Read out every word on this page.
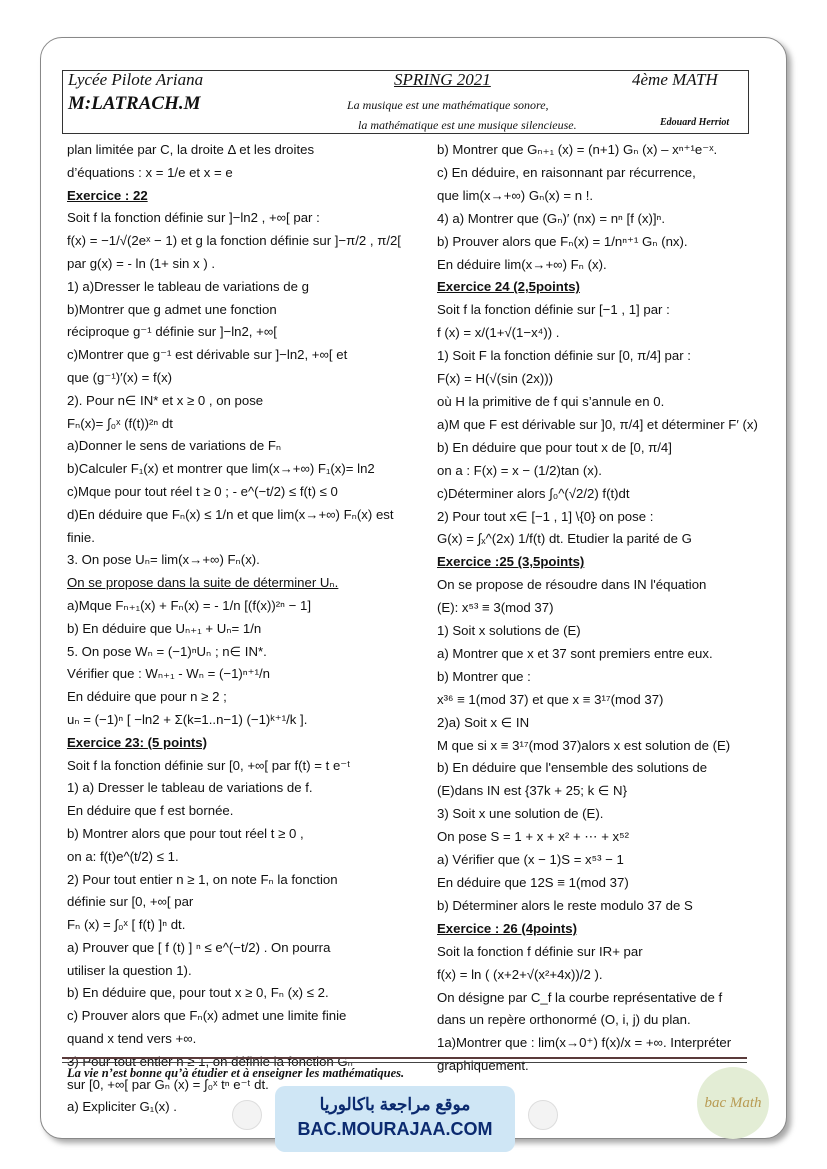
Lycée Pilote Ariana	SPRING 2021	4ème MATH
M:LATRACH.M	La musique est une mathématique sonore,
la mathématique est une musique silencieuse.	Edouard Herriot

plan limitée par C, la droite Δ et les droites

d’équations : x = 1/e et x = e

Exercice : 22

Soit f la fonction définie sur ]−ln2 , +∞[ par :

f(x) = −1/√(2eˣ − 1) et g la fonction définie sur ]−π/2 , π/2[

par g(x) = - ln (1+ sin x ) .

1) a)Dresser le tableau de variations de g

b)Montrer que g admet une fonction

réciproque g⁻¹ définie sur ]−ln2, +∞[

c)Montrer que g⁻¹ est dérivable sur ]−ln2, +∞[ et

que (g⁻¹)′(x) = f(x)

2). Pour n∈ IN* et x ≥ 0 , on pose

Fₙ(x)= ∫₀ˣ (f(t))²ⁿ dt

a)Donner le sens de variations de Fₙ

b)Calculer F₁(x) et montrer que lim(x→+∞) F₁(x)= ln2

c)Mque pour tout réel t ≥ 0 ; - e^(−t/2) ≤ f(t) ≤ 0

d)En déduire que Fₙ(x) ≤ 1/n et que lim(x→+∞) Fₙ(x) est

finie.

3. On pose Uₙ= lim(x→+∞) Fₙ(x).

On se propose dans la suite de déterminer Uₙ.

a)Mque Fₙ₊₁(x) + Fₙ(x) = - 1/n [(f(x))²ⁿ − 1]

b) En déduire que Uₙ₊₁ + Uₙ= 1/n

5. On pose Wₙ = (−1)ⁿUₙ ; n∈ IN*.

Vérifier que : Wₙ₊₁ - Wₙ = (−1)ⁿ⁺¹/n

En déduire que pour n ≥ 2 ;

uₙ = (−1)ⁿ [ −ln2 + Σ(k=1..n−1) (−1)ᵏ⁺¹/k ].

Exercice 23: (5 points)

Soit f la fonction définie sur [0, +∞[ par f(t) = t e⁻ᵗ

1) a) Dresser le tableau de variations de f.

En déduire que f est bornée.

b) Montrer alors que pour tout réel t ≥ 0 ,

on a: f(t)e^(t/2) ≤ 1.

2) Pour tout entier n ≥ 1, on note Fₙ la fonction

définie sur [0, +∞[ par

Fₙ (x) = ∫₀ˣ [ f(t) ]ⁿ dt.

a) Prouver que [ f (t) ] ⁿ ≤ e^(−t/2) . On pourra

utiliser la question 1).

b) En déduire que, pour tout x ≥ 0, Fₙ (x) ≤ 2.

c) Prouver alors que Fₙ(x) admet une limite finie

quand x tend vers +∞.

3) Pour tout entier n ≥ 1, on définie la fonction Gₙ

sur [0, +∞[ par Gₙ (x) = ∫₀ˣ tⁿ e⁻ᵗ dt.

a) Expliciter G₁(x) .

b) Montrer que Gₙ₊₁ (x) = (n+1) Gₙ (x) – xⁿ⁺¹e⁻ˣ.

c) En déduire, en raisonnant par récurrence,

que lim(x→+∞) Gₙ(x) = n !.

4) a) Montrer que (Gₙ)′ (nx) = nⁿ [f (x)]ⁿ.

b) Prouver alors que Fₙ(x) = 1/nⁿ⁺¹ Gₙ (nx).

En déduire lim(x→+∞) Fₙ (x).

Exercice 24 (2,5points)

Soit f la fonction définie sur [−1 , 1] par :

f (x) = x/(1+√(1−x⁴)) .

1) Soit F la fonction définie sur [0, π/4] par :

F(x) = H(√(sin (2x)))

où H la primitive de f qui s’annule en 0.

a)M que F est dérivable sur ]0, π/4] et déterminer F′ (x)

b) En déduire que pour tout x de [0, π/4]

on a : F(x) = x − (1/2)tan (x).

c)Déterminer alors ∫₀^(√2/2) f(t)dt

2) Pour tout x∈ [−1 , 1] \{0} on pose :

G(x) = ∫ₓ^(2x) 1/f(t) dt. Etudier la parité de G

Exercice :25 (3,5points)

On se propose de résoudre dans IN l'équation

(E): x⁵³ ≡ 3(mod 37)

1) Soit x solutions de (E)

a) Montrer que x et 37 sont premiers entre eux.

b) Montrer que :

x³⁶ ≡ 1(mod 37) et que x ≡ 3¹⁷(mod 37)

2)a) Soit x ∈ IN

M que si x ≡ 3¹⁷(mod 37)alors x est solution de (E)

b) En déduire que l'ensemble des solutions de

(E)dans IN est {37k + 25; k ∈ N}

3) Soit x une solution de (E).

On pose S = 1 + x + x² + ⋯ + x⁵²

a) Vérifier que (x − 1)S = x⁵³ − 1

En déduire que 12S ≡ 1(mod 37)

b) Déterminer alors le reste modulo 37 de S

Exercice : 26 (4points)

Soit la fonction f définie sur IR+ par

f(x) = ln ( (x+2+√(x²+4x))/2 ).

On désigne par C_f la courbe représentative de f

dans un repère orthonormé (O, i, j) du plan.

1a)Montrer que : lim(x→0⁺) f(x)/x = +∞. Interpréter

graphiquement.

La vie n’est bonne qu’à étudier et à enseigner les mathématiques.
موقع مراجعة باكالوريا
BAC.MOURAJAA.COM
bac Math
